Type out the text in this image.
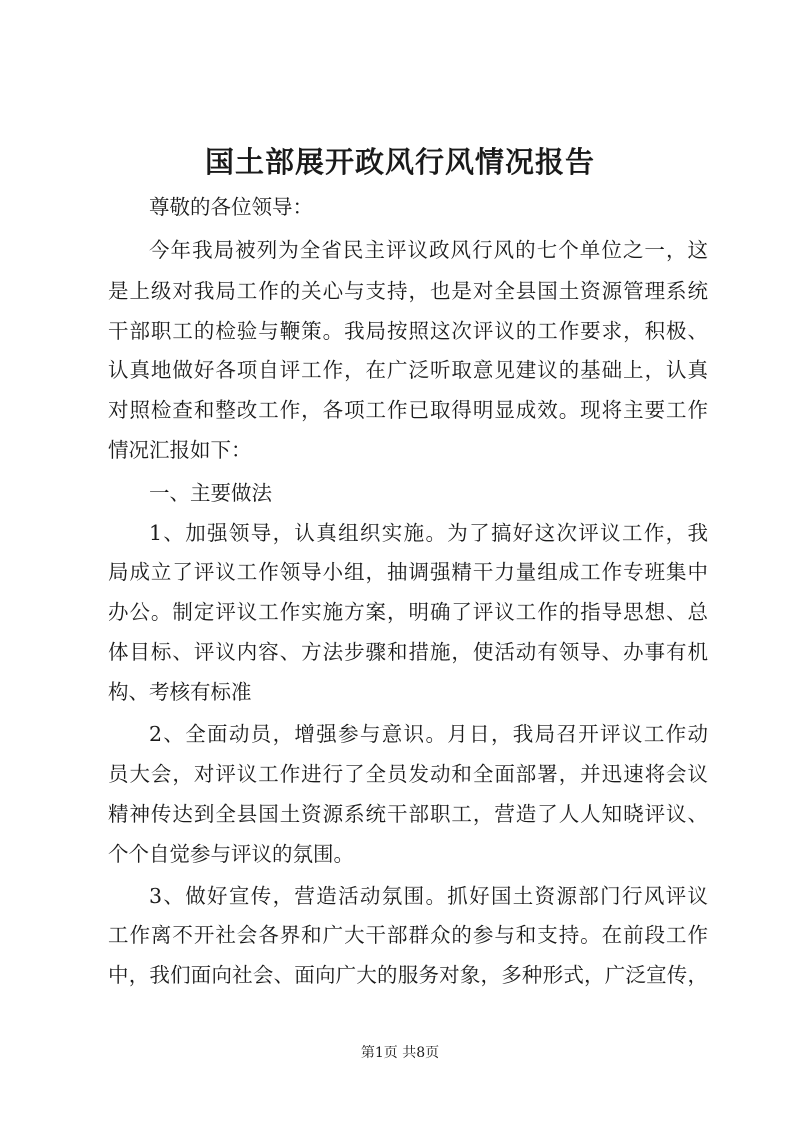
国土部展开政风行风情况报告
尊敬的各位领导：
今年我局被列为全省民主评议政风行风的七个单位之一，这
是上级对我局工作的关心与支持，也是对全县国土资源管理系统
干部职工的检验与鞭策。我局按照这次评议的工作要求，积极、
认真地做好各项自评工作，在广泛听取意见建议的基础上，认真
对照检查和整改工作，各项工作已取得明显成效。现将主要工作
情况汇报如下：
一、主要做法
1、加强领导，认真组织实施。为了搞好这次评议工作，我
局成立了评议工作领导小组，抽调强精干力量组成工作专班集中
办公。制定评议工作实施方案，明确了评议工作的指导思想、总
体目标、评议内容、方法步骤和措施，使活动有领导、办事有机
构、考核有标准
2、全面动员，增强参与意识。月日，我局召开评议工作动
员大会，对评议工作进行了全员发动和全面部署，并迅速将会议
精神传达到全县国土资源系统干部职工，营造了人人知晓评议、
个个自觉参与评议的氛围。
3、做好宣传，营造活动氛围。抓好国土资源部门行风评议
工作离不开社会各界和广大干部群众的参与和支持。在前段工作
中，我们面向社会、面向广大的服务对象，多种形式，广泛宣传，
第1页 共8页
